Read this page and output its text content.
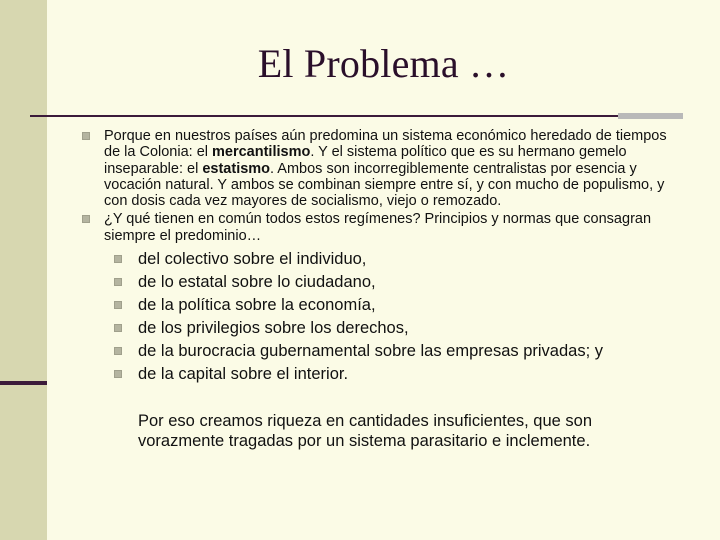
El Problema …
Porque en nuestros países aún predomina un sistema económico heredado de tiempos de la Colonia: el mercantilismo. Y el sistema político que es su hermano gemelo inseparable: el estatismo. Ambos son incorregiblemente centralistas por esencia y vocación natural. Y ambos se combinan siempre entre sí, y con mucho de populismo, y con dosis cada vez mayores de socialismo, viejo o remozado.
¿Y qué tienen en común todos estos regímenes? Principios y normas que consagran siempre el predominio…
del colectivo sobre el individuo,
de lo estatal sobre lo ciudadano,
de la política sobre la economía,
de los privilegios sobre los derechos,
de la burocracia gubernamental sobre las empresas privadas; y
de la capital sobre el interior.
Por eso creamos riqueza en cantidades insuficientes, que son vorazmente tragadas por un sistema parasitario e inclemente.
